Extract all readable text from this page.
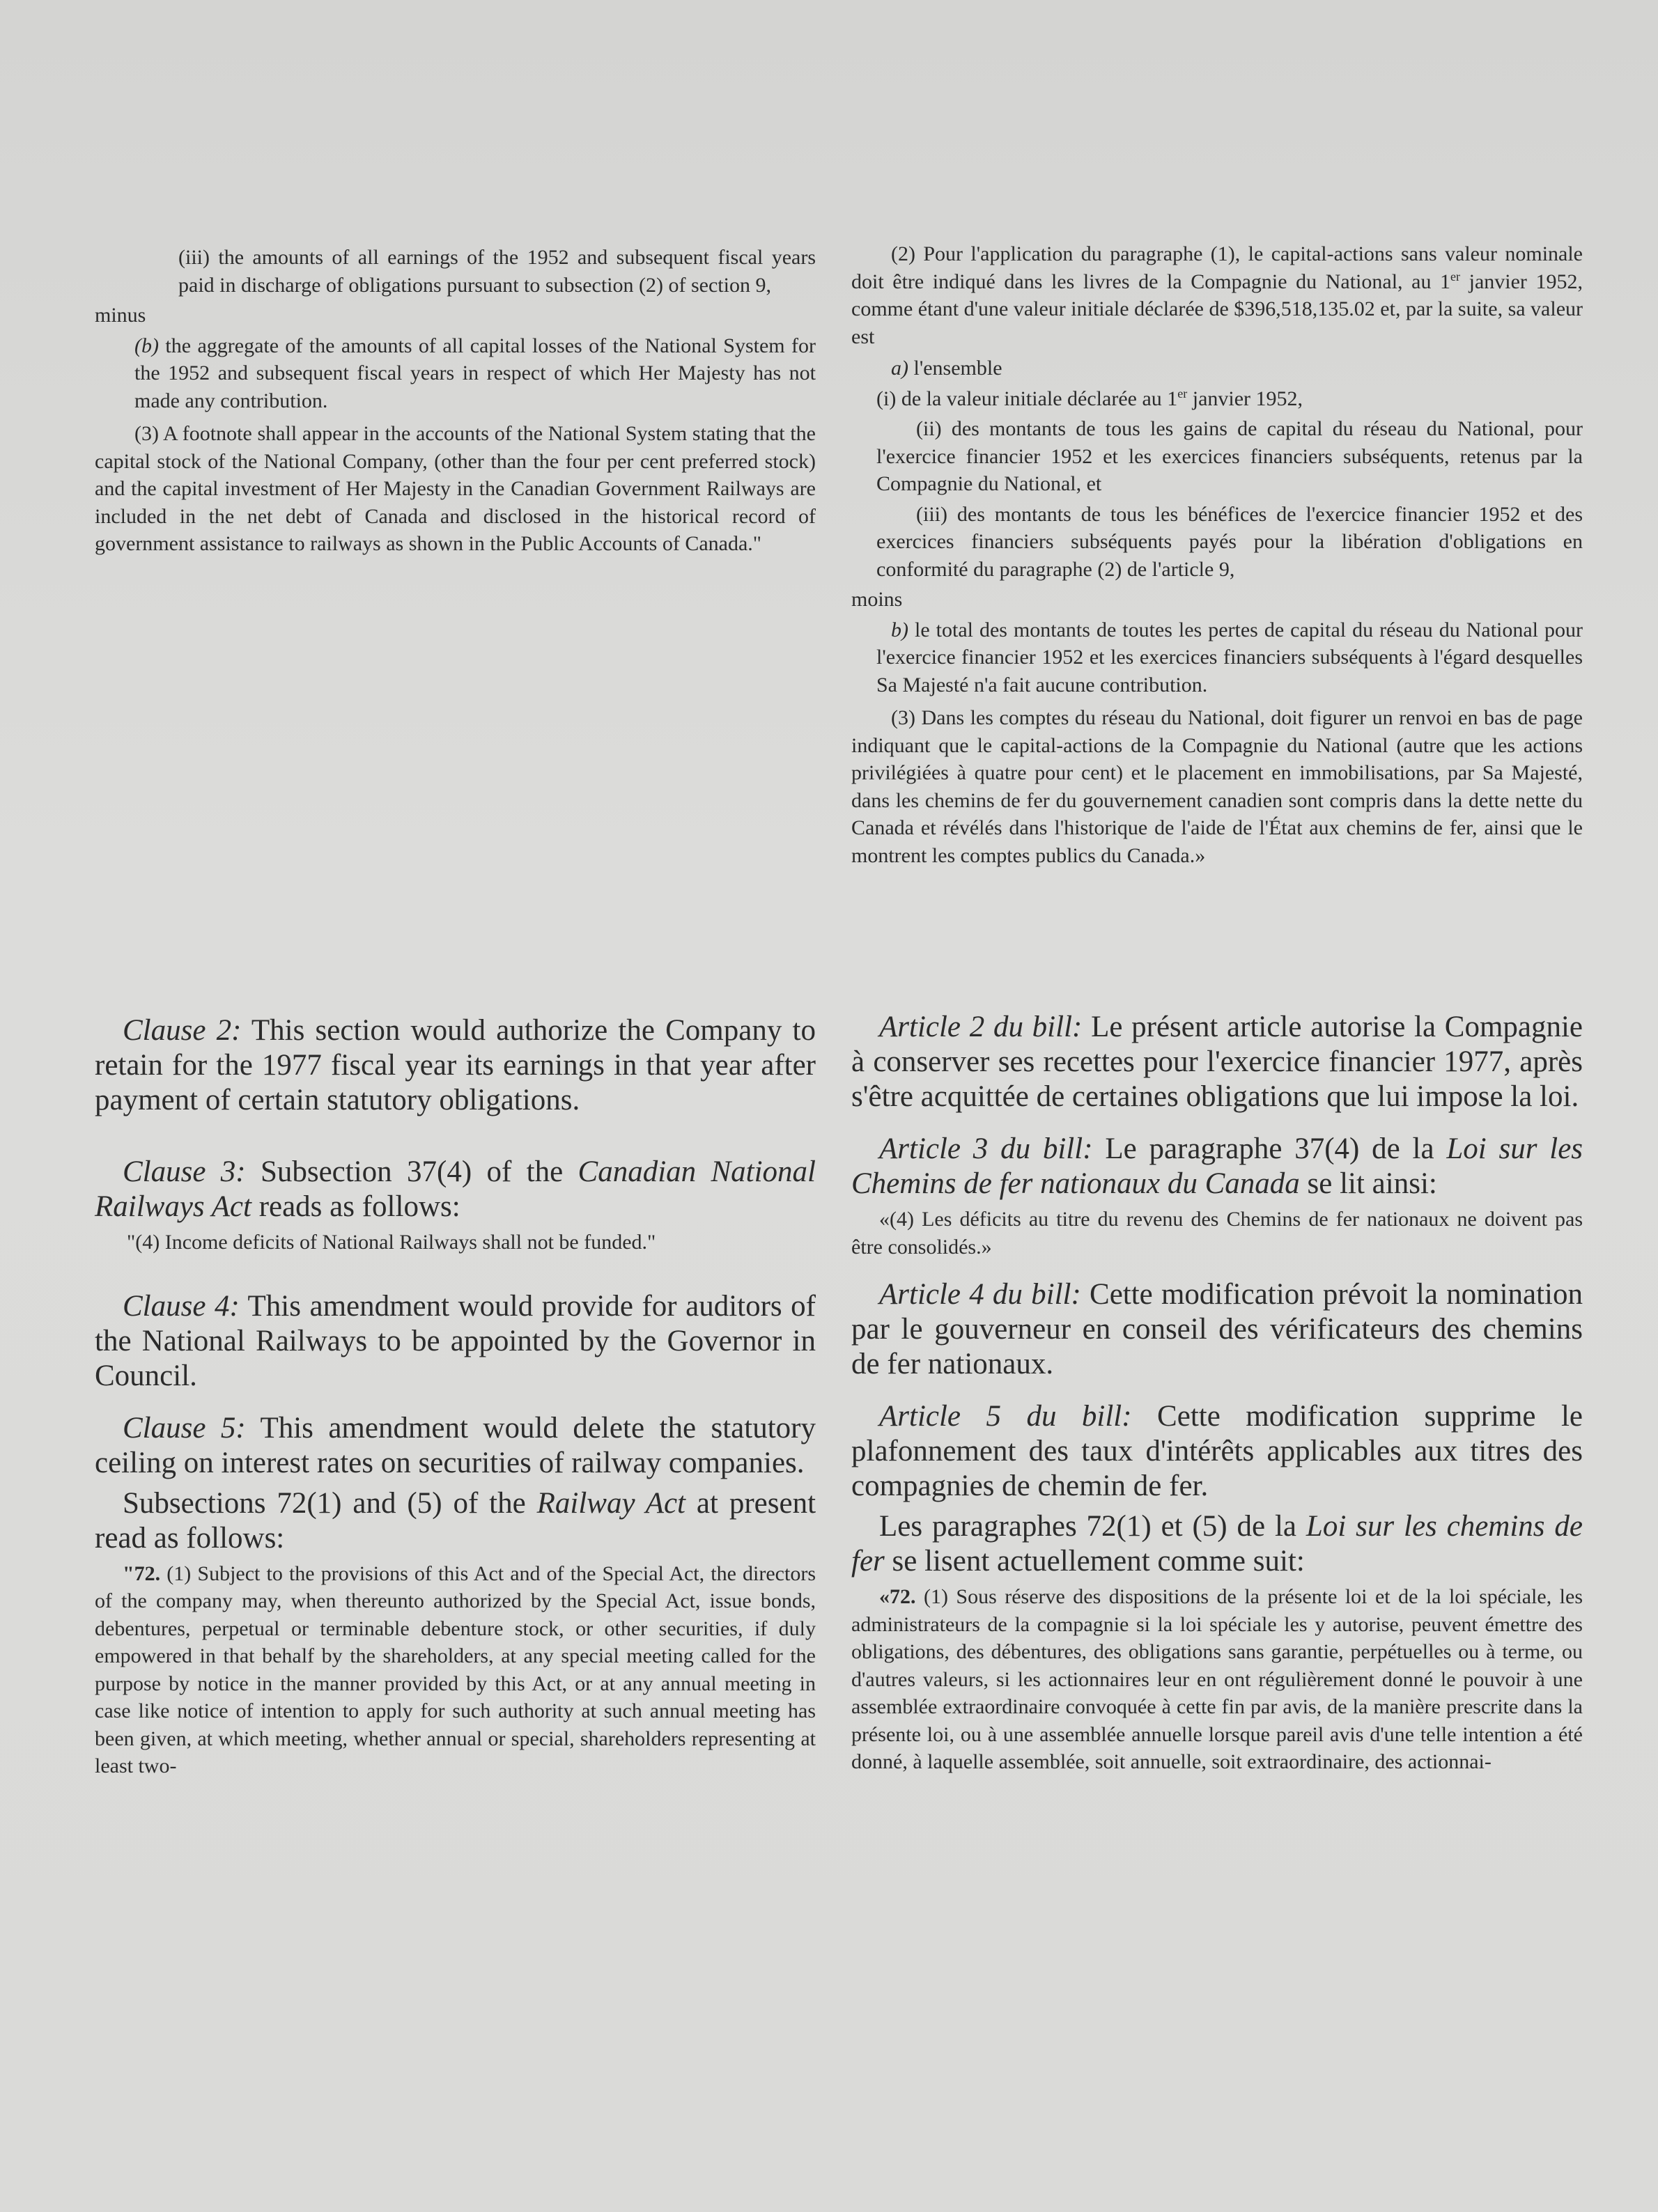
(iii) the amounts of all earnings of the 1952 and subsequent fiscal years paid in discharge of obligations pursuant to subsection (2) of section 9,

minus

(b) the aggregate of the amounts of all capital losses of the National System for the 1952 and subsequent fiscal years in respect of which Her Majesty has not made any contribution.

(3) A footnote shall appear in the accounts of the National System stating that the capital stock of the National Company, (other than the four per cent preferred stock) and the capital investment of Her Majesty in the Canadian Government Railways are included in the net debt of Canada and disclosed in the historical record of government assistance to railways as shown in the Public Accounts of Canada."

Clause 2: This section would authorize the Company to retain for the 1977 fiscal year its earnings in that year after payment of certain statutory obligations.

Clause 3: Subsection 37(4) of the Canadian National Railways Act reads as follows:

"(4) Income deficits of National Railways shall not be funded."

Clause 4: This amendment would provide for auditors of the National Railways to be appointed by the Governor in Council.

Clause 5: This amendment would delete the statutory ceiling on interest rates on securities of railway companies.

Subsections 72(1) and (5) of the Railway Act at present read as follows:

"72. (1) Subject to the provisions of this Act and of the Special Act, the directors of the company may, when thereunto authorized by the Special Act, issue bonds, debentures, perpetual or terminable debenture stock, or other securities, if duly empowered in that behalf by the shareholders, at any special meeting called for the purpose by notice in the manner provided by this Act, or at any annual meeting in case like notice of intention to apply for such authority at such annual meeting has been given, at which meeting, whether annual or special, shareholders representing at least two-

(2) Pour l'application du paragraphe (1), le capital-actions sans valeur nominale doit être indiqué dans les livres de la Compagnie du National, au 1er janvier 1952, comme étant d'une valeur initiale déclarée de $396,518,135.02 et, par la suite, sa valeur est

a) l'ensemble

(i) de la valeur initiale déclarée au 1er janvier 1952,

(ii) des montants de tous les gains de capital du réseau du National, pour l'exercice financier 1952 et les exercices financiers subséquents, retenus par la Compagnie du National, et

(iii) des montants de tous les bénéfices de l'exercice financier 1952 et des exercices financiers subséquents payés pour la libération d'obligations en conformité du paragraphe (2) de l'article 9,

moins

b) le total des montants de toutes les pertes de capital du réseau du National pour l'exercice financier 1952 et les exercices financiers subséquents à l'égard desquelles Sa Majesté n'a fait aucune contribution.

(3) Dans les comptes du réseau du National, doit figurer un renvoi en bas de page indiquant que le capital-actions de la Compagnie du National (autre que les actions privilégiées à quatre pour cent) et le placement en immobilisations, par Sa Majesté, dans les chemins de fer du gouvernement canadien sont compris dans la dette nette du Canada et révélés dans l'historique de l'aide de l'État aux chemins de fer, ainsi que le montrent les comptes publics du Canada.»

Article 2 du bill: Le présent article autorise la Compagnie à conserver ses recettes pour l'exercice financier 1977, après s'être acquittée de certaines obligations que lui impose la loi.

Article 3 du bill: Le paragraphe 37(4) de la Loi sur les Chemins de fer nationaux du Canada se lit ainsi:

«(4) Les déficits au titre du revenu des Chemins de fer nationaux ne doivent pas être consolidés.»

Article 4 du bill: Cette modification prévoit la nomination par le gouverneur en conseil des vérificateurs des chemins de fer nationaux.

Article 5 du bill: Cette modification supprime le plafonnement des taux d'intérêts applicables aux titres des compagnies de chemin de fer.

Les paragraphes 72(1) et (5) de la Loi sur les chemins de fer se lisent actuellement comme suit:

«72. (1) Sous réserve des dispositions de la présente loi et de la loi spéciale, les administrateurs de la compagnie si la loi spéciale les y autorise, peuvent émettre des obligations, des débentures, des obligations sans garantie, perpétuelles ou à terme, ou d'autres valeurs, si les actionnaires leur en ont régulièrement donné le pouvoir à une assemblée extraordinaire convoquée à cette fin par avis, de la manière prescrite dans la présente loi, ou à une assemblée annuelle lorsque pareil avis d'une telle intention a été donné, à laquelle assemblée, soit annuelle, soit extraordinaire, des actionnai-
